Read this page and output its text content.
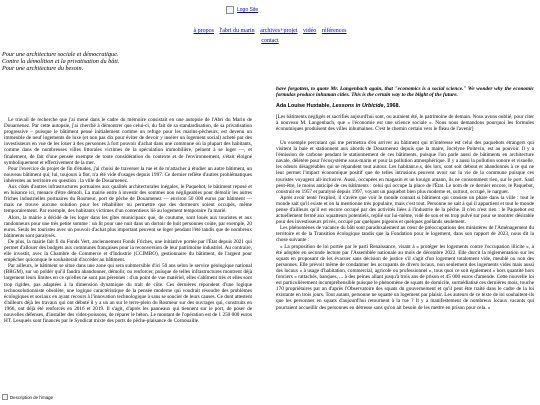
Logo Site
à propos l'abri du marin archives+projet vidéo références
contact
Pour une architecture sociale et démocratique.
Contre la démolition et la privatisation du bâti.
Pour une architecture du besoin.

Le travail de recherche que j'ai mené dans le cadre du mémoire consistait en une autopsie de l'Abri du Marin de Douarnenez. Par cette autopsie, j'ai cherché à démontrer que celui-ci, du fait de sa standardisation, de sa privatisation progressive – puisque le bâtiment pensé initialement comme un refuge pour les marins-pêcheurs, est devenu un immeuble de neuf logements de luxe (et non pas dix pour éviter de devoir y insérer un logement social) acheté par des investisseurs en vue de les louer à des personnes à fort pouvoir d'achat dans une commune où la plupart des habitants, comme dans de nombreuses villes littorales victimes de la spéculation immobilière, peinent à se loger —, et finalement, de fait d'une pensée exempte de toute considération du contexte et de l'environnement, s'était éloigné symboliquement et effectivement de la mer.

Pour l'exercice du projet de fin d'études, j'ai choisi de traverser la rue et de m'attacher à étudier un autre bâtiment, un nouveau bâtiment qui, lui, toujours à flot, n'a été vide d'usages depuis 1997. Ce dernier reflète d'autres problématiques inhérentes au territoire en question : la ville de Douarnenez.

Aux côtés d'autres infrastructures portuaires aux qualités architecturales inégales, le Paquebot, le bâtiment reposé et en luisance ici, menace d'être démoli. La mairie entre à investir des sommes non négligeables pour démolir les autres friches industrielles portuaires du Rosmeur, port de pêche de Douarnenez — environ 50 000 euros par bâtiment — mais ne trouve aucune solution pour les réhabiliter ou permettre que des dormeurs soient occupés, même temporairement. Par exemple, des habitants victimes d'un contentieux lié au logement temporaire l'a marié.

Alors, la mairie a décidé de les loger dans les gîtes municipaux que, de coutume, sont loués aux touristes et aux randonneurs pour une très petite somme : un lit pour une nuit dans un dortoir de huit personnes coûte, par exemple, 20 euros. Seuls les touristes avec un pouvoir d'achat plus important peuvent se loger pendant l'été tandis que de nombreux bâtiments sont paralysés.

De plus, la mairie fait fi du Fonds Vert, anciennement Fonds Friches, une initiative portée par l'État depuis 2021 qui permet d'allouer des budgets aux communes françaises pour la reconversion de leur patrimoine industriel. Au contraire, elle investit, avec la Chambre de Commerce et d'Industrie (CCIMBO), gestionnaire du bâtiment, de l'argent pour empêcher quiconque le souhaiterait d'accéder au bâtiment.

Par ailleurs, le bâtiment se situe dans une zone qui sera submersible d'ici 50 ans selon le service géologique national (BRGM), sur un poldér qui'il faudra abandonner, démolir, ou renforcer, puisque de telles infrastructures montrent déjà largement leurs limites en ce qu'elles ne sont pas pérennes : d'un point de vue matériel, elles s'abîment très et elles sont trop rigides, pas adaptées à la dimension dynamique du trait de côte. Ces dernières répondent d'une logique technosolutionniste obsolète, une logique caractéristique de la pensée moderne qui voudrait résoudre des problèmes écologiques et sociaux en ayant recours à l'innovation technologique à sans se soucier de leurs causes. Ce dont attestent d'ailleurs déjà les travaux qui ont débuté il y a un an sur le terre-plein du Rosmeur sur des ouvrages qui, construits en 1966, ont déjà été renforcés en 2016 et 2019. Il s'agit, d'après les panneaux qui tiennent sur le port, de poser de nouvelles défenses, d'installer des vides-poissons, de réparer le béton. Le montant de l'opération est de 1 250 000 euros HT. Lesquels sont financés par le Syndicat mixte des ports de pêche-plaisance de Cornouaille.

have forgotten, to quote Mr. Langenbach again, that "economics is a social science." We wonder why the economic formulas produce inhuman cities. This is the certain way to the blight of the future.

Ada Louise Huxtable, Lessons in Urbicide, 1968.

[Les bâtiments négligés et sacrifiés aujourd'hui sont, ou auraient été, le patrimoine de demain. Nous avons oublié, pour citer à nouveau M. Langenbach, que « l'économie est une science sociale ». Nous nous demandons pourquoi les formules économiques produisent des villes inhumaines. C'est le chemin certain vers le fléau de l'avenir]

Un exemple percutant qui me permettra d'en arriver au bâtiment qui m'intéresse est celui des paquebots étrangers qui visitent la baie et stationnent aux abords de Douarnenez depuis que la maire, Jocelyne Poitevin, est au pouvoir. Il y a l'émission de carbone pendant le stationnement de ces bâtiments, puisque l'on parle aussi de bâtiments en architecture navale, délétère pour l'écosystème sous-marin et pour la pollution atmosphérique. Il y a aussi la pollution sonore et visuelle, les odeurs désagréables qui se répandent tout autour. Les habitant.e.s, dès lors, sont soit debout et abandonnés à ce qui ne leur permet l'impact économique positif que de telles intrusions peuvent avoir sur la vie de la commune puisque ces touristes voyagent all-inclusive. Aussi, occupées en magasin et un kouign amann, ils ne consomment rien, sur le port. Sauf peut-être, le moins anticipé de ces bâtiments : celui qui occupe la place de l'État. Le nom de ce dernier encore, le Paquebot, construit en 1957 et paralysé depuis 1997, voyant un paquebot bien plus moderne et, surtout, occupé, le narguer.

Après avoir tenté l'exploit, il s'avère que voir le monde connait si bâtiment qui consiste un phare dans la ville : tout le monde sait qu'il existe et on la mentionne très populaire, mais c'est tout. Personne ne sait à qui il appartient et tout le monde pense d'ailleurs qu'il est encore occupé par des activités liées à l'industrie de la pêche. Il n'en n'est rien : le Paquebot est actuellement fermé aux squatteurs potentiels, replié sur lui-même, vidé de son et en trop pulvé sur pour se montrer désirable pour des investisseurs privés, occupé par quelques pigeons et quelques goélands seulement.

Les phénomènes de vacance du bâti sont paradoxalement au cœur de préoccupations des ministères de l'Aménagement du territoire et de la Transition écologique tandis que la Fondation pour le logement, dans son rapport de 2023, nous dit la chose suivante :

« La proposition de loi portée par le parti Renaissance, visant à « protéger les logements contre l'occupation illicite », a été adoptée en seconde lecture par l'Assemblée nationale au mois de décembre 2022. Elle durcit la réglementation sur les squats en proposant de les évacuer sans décision de justice s'il s'agit d'un logement totalement vide, meublé ou non des personnes. Elle prévoit même de condamner les occupants de divers locaux, non seulement des logements vides mais aussi des locaux « à usage d'habitation, commercial, agricole ou professionnel », tous quoi ce soit également « hors quantité hors fonciers » rattachés, banques, ... à des peines allant jusqu'à trois ans de prison et 45 000 euros d'amende. Cette nouvelle loi est particulièrement incompréhensible puisque le phénomène de squats de domicile, surmédiatisé ces dernières mois, touche 170 propriétaires par an d'après l'Observatoire des squats du gouvernement et qu'il peut être traité dans le cadre de la loi existante en trois jours. Tout autant, personne ne squatte un logement par plaisir. Les auteurs de ce texte de loi souhaitent-ils que les personnes en squats d'aujourd'hui retournent à la rue ? Il y a manifestement de nombreux locaux vacants qui pourraient accueillir des personnes en détresse sans qu'on ait besoin de les mettre en prison pour cela. »

Description de l'image
